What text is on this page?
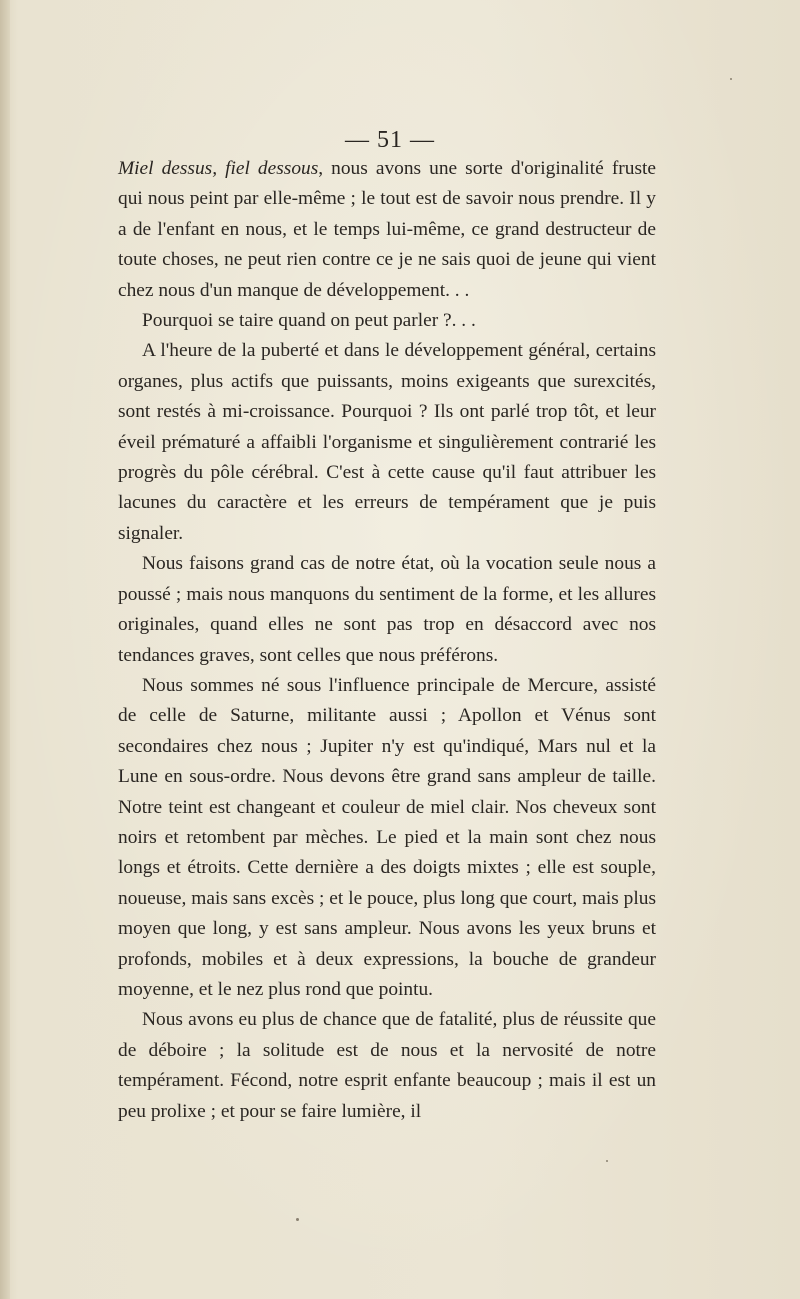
— 51 —

Miel dessus, fiel dessous, nous avons une sorte d'originalité fruste qui nous peint par elle-même ; le tout est de savoir nous prendre. Il y a de l'enfant en nous, et le temps lui-même, ce grand destructeur de toute choses, ne peut rien contre ce je ne sais quoi de jeune qui vient chez nous d'un manque de développement. . .

Pourquoi se taire quand on peut parler ?. . .

A l'heure de la puberté et dans le développement général, certains organes, plus actifs que puissants, moins exigeants que surexcités, sont restés à mi-croissance. Pourquoi ? Ils ont parlé trop tôt, et leur éveil prématuré a affaibli l'organisme et singulièrement contrarié les progrès du pôle cérébral. C'est à cette cause qu'il faut attribuer les lacunes du caractère et les erreurs de tempérament que je puis signaler.

Nous faisons grand cas de notre état, où la vocation seule nous a poussé ; mais nous manquons du sentiment de la forme, et les allures originales, quand elles ne sont pas trop en désaccord avec nos tendances graves, sont celles que nous préférons.

Nous sommes né sous l'influence principale de Mercure, assisté de celle de Saturne, militante aussi ; Apollon et Vénus sont secondaires chez nous ; Jupiter n'y est qu'indiqué, Mars nul et la Lune en sous-ordre. Nous devons être grand sans ampleur de taille. Notre teint est changeant et couleur de miel clair. Nos cheveux sont noirs et retombent par mèches. Le pied et la main sont chez nous longs et étroits. Cette dernière a des doigts mixtes ; elle est souple, noueuse, mais sans excès ; et le pouce, plus long que court, mais plus moyen que long, y est sans ampleur. Nous avons les yeux bruns et profonds, mobiles et à deux expressions, la bouche de grandeur moyenne, et le nez plus rond que pointu.

Nous avons eu plus de chance que de fatalité, plus de réussite que de déboire ; la solitude est de nous et la nervosité de notre tempérament. Fécond, notre esprit enfante beaucoup ; mais il est un peu prolixe ; et pour se faire lumière, il
